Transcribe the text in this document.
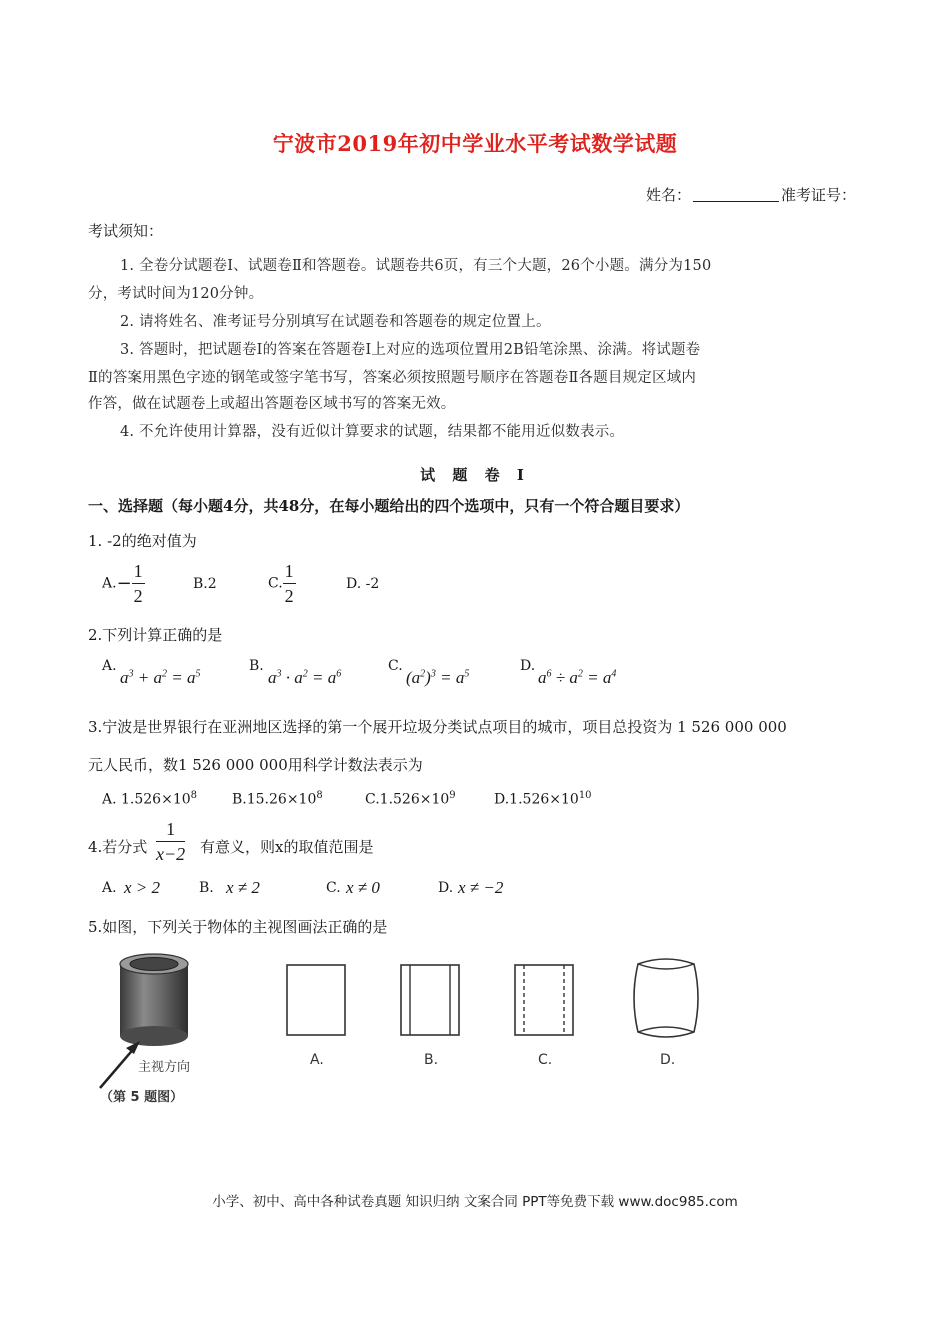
宁波市2019年初中学业水平考试数学试题
姓名：	准考证号：
考试须知：
1. 全卷分试题卷Ⅰ、试题卷Ⅱ和答题卷。试题卷共6页，有三个大题，26个小题。满分为150
分，考试时间为120分钟。
2. 请将姓名、准考证号分别填写在试题卷和答题卷的规定位置上。
3. 答题时，把试题卷Ⅰ的答案在答题卷Ⅰ上对应的选项位置用2B铅笔涂黑、涂满。将试题卷
Ⅱ的答案用黑色字迹的钢笔或签字笔书写，答案必须按照题号顺序在答题卷Ⅱ各题目规定区域内
作答，做在试题卷上或超出答题卷区域书写的答案无效。
4. 不允许使用计算器，没有近似计算要求的试题，结果都不能用近似数表示。
试 题 卷 Ⅰ
一、选择题（每小题4分，共48分，在每小题给出的四个选项中，只有一个符合题目要求）
1. -2的绝对值为
$A.- \frac{1}{2}$	B.2	C. $\frac{1}{2}$	D. -2
2.下列计算正确的是
A.
$a^3 + a^2 = a^5$	B.
$a^3 \cdot a^2 = a^6$	C.
$(a^2)^3 = a^5$	D.
$a^6 \div a^2 = a^4$
3.宁波是世界银行在亚洲地区选择的第一个展开垃圾分类试点项目的城市，项目总投资为 1 526 000 000
元人民币，数1 526 000 000用科学计数法表示为
A. $1.526\times 10^8$ $B.15.26\times 10^8$	$C.1.526\times 10^9$	$D.1.526\times 10^{10}$
4.若分式 $\frac{1}{x-2}$ 有意义，则x的取值范围是
A. x > 2	B. x ≠ 2	C. x ≠ 0	D. x ≠ −2
5.如图，下列关于物体的主视图画法正确的是
主视方向
（第 5 题图）
A.	B.	C.	D.
小学、初中、高中各种试卷真题 知识归纳 文案合同 PPT等免费下载 www.doc985.com
